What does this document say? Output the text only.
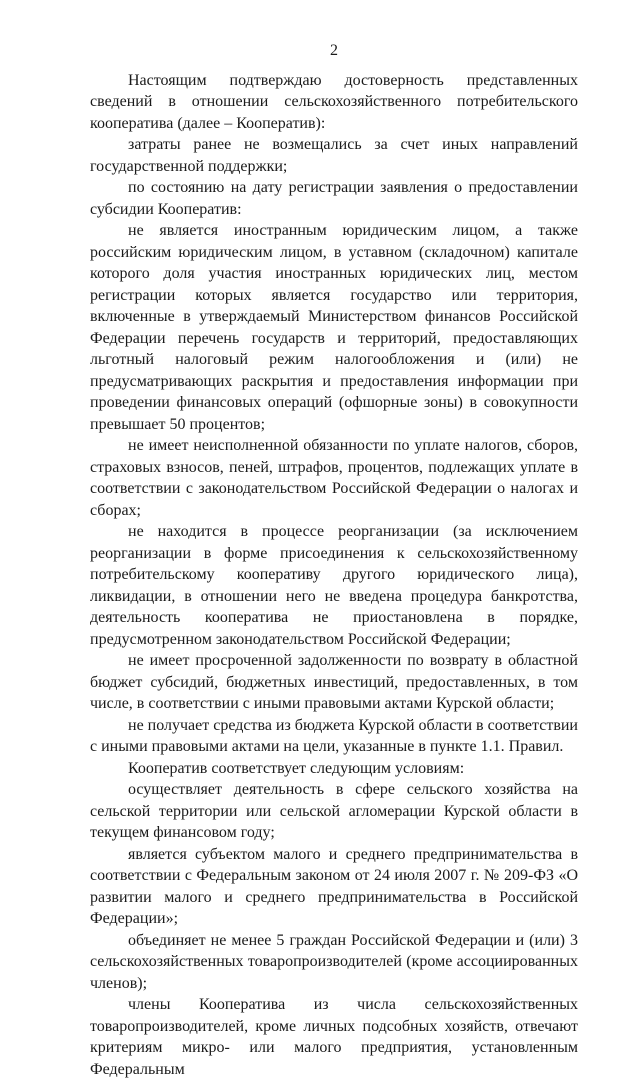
2

Настоящим подтверждаю достоверность представленных сведений в отношении сельскохозяйственного потребительского кооператива (далее – Кооператив):

затраты ранее не возмещались за счет иных направлений государственной поддержки;

по состоянию на дату регистрации заявления о предоставлении субсидии Кооператив:

не является иностранным юридическим лицом, а также российским юридическим лицом, в уставном (складочном) капитале которого доля участия иностранных юридических лиц, местом регистрации которых является государство или территория, включенные в утверждаемый Министерством финансов Российской Федерации перечень государств и территорий, предоставляющих льготный налоговый режим налогообложения и (или) не предусматривающих раскрытия и предоставления информации при проведении финансовых операций (офшорные зоны) в совокупности превышает 50 процентов;

не имеет неисполненной обязанности по уплате налогов, сборов, страховых взносов, пеней, штрафов, процентов, подлежащих уплате в соответствии с законодательством Российской Федерации о налогах и сборах;

не находится в процессе реорганизации (за исключением реорганизации в форме присоединения к сельскохозяйственному потребительскому кооперативу другого юридического лица), ликвидации, в отношении него не введена процедура банкротства, деятельность кооператива не приостановлена в порядке, предусмотренном законодательством Российской Федерации;

не имеет просроченной задолженности по возврату в областной бюджет субсидий, бюджетных инвестиций, предоставленных, в том числе, в соответствии с иными правовыми актами Курской области;

не получает средства из бюджета Курской области в соответствии с иными правовыми актами на цели, указанные в пункте 1.1. Правил.

Кооператив соответствует следующим условиям:

осуществляет деятельность в сфере сельского хозяйства на сельской территории или сельской агломерации Курской области в текущем финансовом году;

является субъектом малого и среднего предпринимательства в соответствии с Федеральным законом от 24 июля 2007 г. № 209-ФЗ «О развитии малого и среднего предпринимательства в Российской Федерации»;

объединяет не менее 5 граждан Российской Федерации и (или) 3 сельскохозяйственных товаропроизводителей (кроме ассоциированных членов);

члены Кооператива из числа сельскохозяйственных товаропроизводителей, кроме личных подсобных хозяйств, отвечают критериям микро- или малого предприятия, установленным Федеральным
